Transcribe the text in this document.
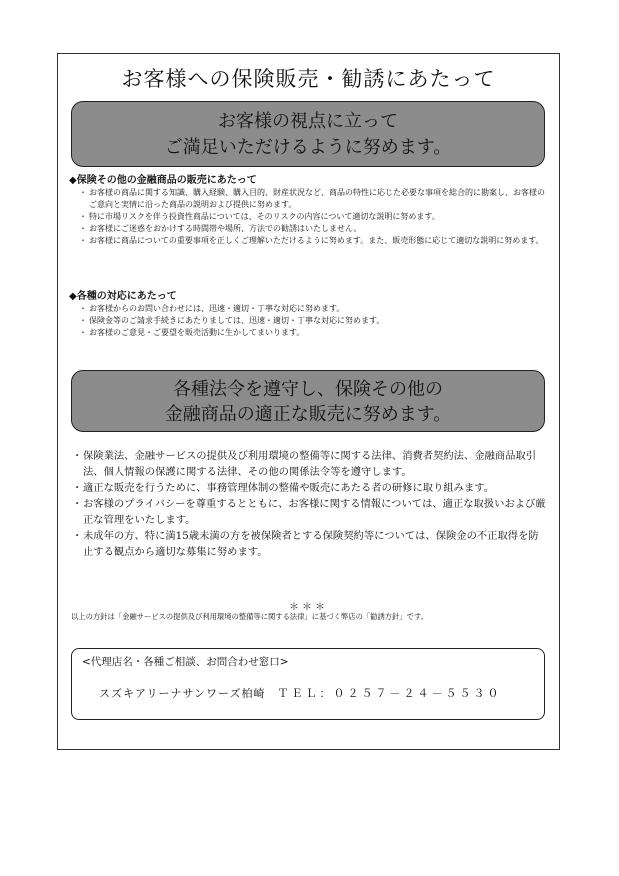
お客様への保険販売・勧誘にあたって
お客様の視点に立って
ご満足いただけるように努めます。
◆保険その他の金融商品の販売にあたって
・ お客様の商品に関する知識、購入経験、購入目的、財産状況など、商品の特性に応じた必要な事項を総合的に勘案し、お客様のご意向と実情に沿った商品の説明および提供に努めます。
・ 特に市場リスクを伴う投資性商品については、そのリスクの内容について適切な説明に努めます。
・ お客様にご迷惑をおかけする時間帯や場所、方法での勧誘はいたしません。
・ お客様に商品についての重要事項を正しくご理解いただけるように努めます。また、販売形態に応じて適切な説明に努めます。
◆各種の対応にあたって
・ お客様からのお問い合わせには、迅速・適切・丁寧な対応に努めます。
・ 保険金等のご請求手続きにあたりましては、迅速・適切・丁寧な対応に努めます。
・ お客様のご意見・ご要望を販売活動に生かしてまいります。
各種法令を遵守し、保険その他の
金融商品の適正な販売に努めます。
・ 保険業法、金融サービスの提供及び利用環境の整備等に関する法律、消費者契約法、金融商品取引法、個人情報の保護に関する法律、その他の関係法令等を遵守します。
・ 適正な販売を行うために、事務管理体制の整備や販売にあたる者の研修に取り組みます。
・ お客様のプライバシーを尊重するとともに、お客様に関する情報については、適正な取扱いおよび厳正な管理をいたします。
・ 未成年の方、特に満15歳未満の方を被保険者とする保険契約等については、保険金の不正取得を防止する観点から適切な募集に努めます。
＊＊＊
以上の方針は「金融サービスの提供及び利用環境の整備等に関する法律」に基づく弊店の「勧誘方針」です。
<代理店名・各種ご相談、お問合わせ窓口>
スズキアリーナサンワーズ柏崎 ＴＥＬ：０２５７－２４－５５３０
